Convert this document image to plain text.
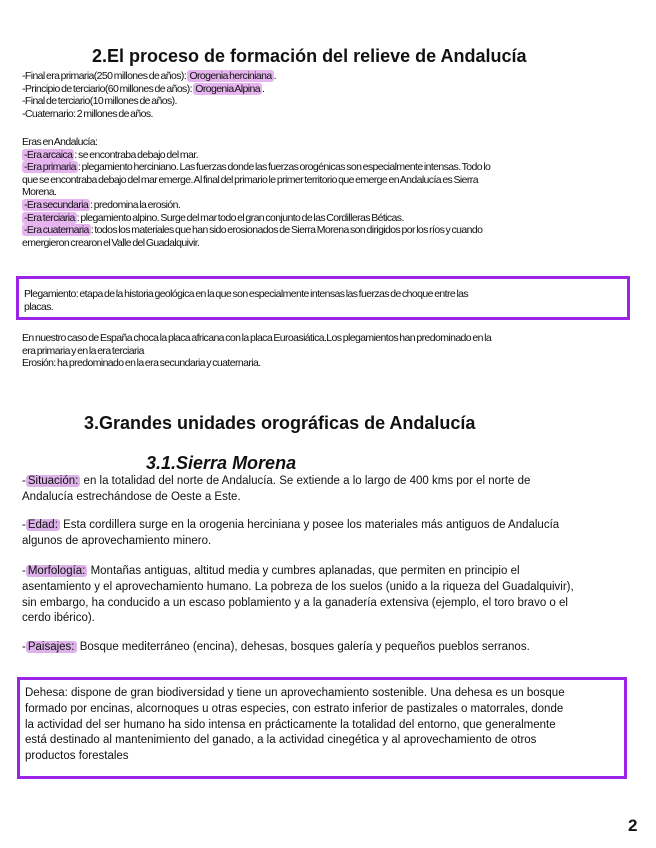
2.El proceso de formación del relieve de Andalucía
-Final era primaria(250 millones de años): Orogenia herciniana .
-Principio de terciario(60 millones de años): Orogenia Alpina .
-Final de terciario(10 millones de años).
-Cuaternario: 2 millones de años.
Eras en Andalucía:
-Era arcaica : se encontraba debajo del mar.
-Era primaria : plegamiento herciniano. Las fuerzas donde las fuerzas orogénicas son especialmente intensas. Todo lo
que se encontraba debajo del mar emerge. Al final del primario le primer territorio que emerge en Andalucía es Sierra
Morena.
-Era secundaria : predomina la erosión.
-Era terciaria : plegamiento alpino. Surge del mar todo el gran conjunto de las Cordilleras Béticas.
-Era cuaternaria : todos los materiales que han sido erosionados de Sierra Morena son dirigidos por los ríos y cuando
emergieron crearon el Valle del Guadalquivir.
Plegamiento: etapa de la historia geológica en la que son especialmente intensas las fuerzas de choque entre las
placas.
En nuestro caso de España choca la placa africana con la placa Euroasiática.Los plegamientos han predominado en la
era primaria y en la era terciaria
Erosión: ha predominado en la era secundaria y cuaternaria.
3.Grandes unidades orográficas de Andalucía
3.1.Sierra Morena
- Situación: en la totalidad del norte de Andalucía. Se extiende a lo largo de 400 kms por el norte de
Andalucía estrechándose de Oeste a Este.
- Edad: Esta cordillera surge en la orogenia herciniana y posee los materiales más antiguos de Andalucía
algunos de aprovechamiento minero.
- Morfología: Montañas antiguas, altitud media y cumbres aplanadas, que permiten en principio el
asentamiento y el aprovechamiento humano. La pobreza de los suelos (unido a la riqueza del Guadalquivir),
sin embargo, ha conducido a un escaso poblamiento y a la ganadería extensiva (ejemplo, el toro bravo o el
cerdo ibérico).
- Paisajes: Bosque mediterráneo (encina), dehesas, bosques galería y pequeños pueblos serranos.
Dehesa: dispone de gran biodiversidad y tiene un aprovechamiento sostenible. Una dehesa es un bosque
formado por encinas, alcornoques u otras especies, con estrato inferior de pastizales o matorrales, donde
la actividad del ser humano ha sido intensa en prácticamente la totalidad del entorno, que generalmente
está destinado al mantenimiento del ganado, a la actividad cinegética y al aprovechamiento de otros
productos forestales
2
